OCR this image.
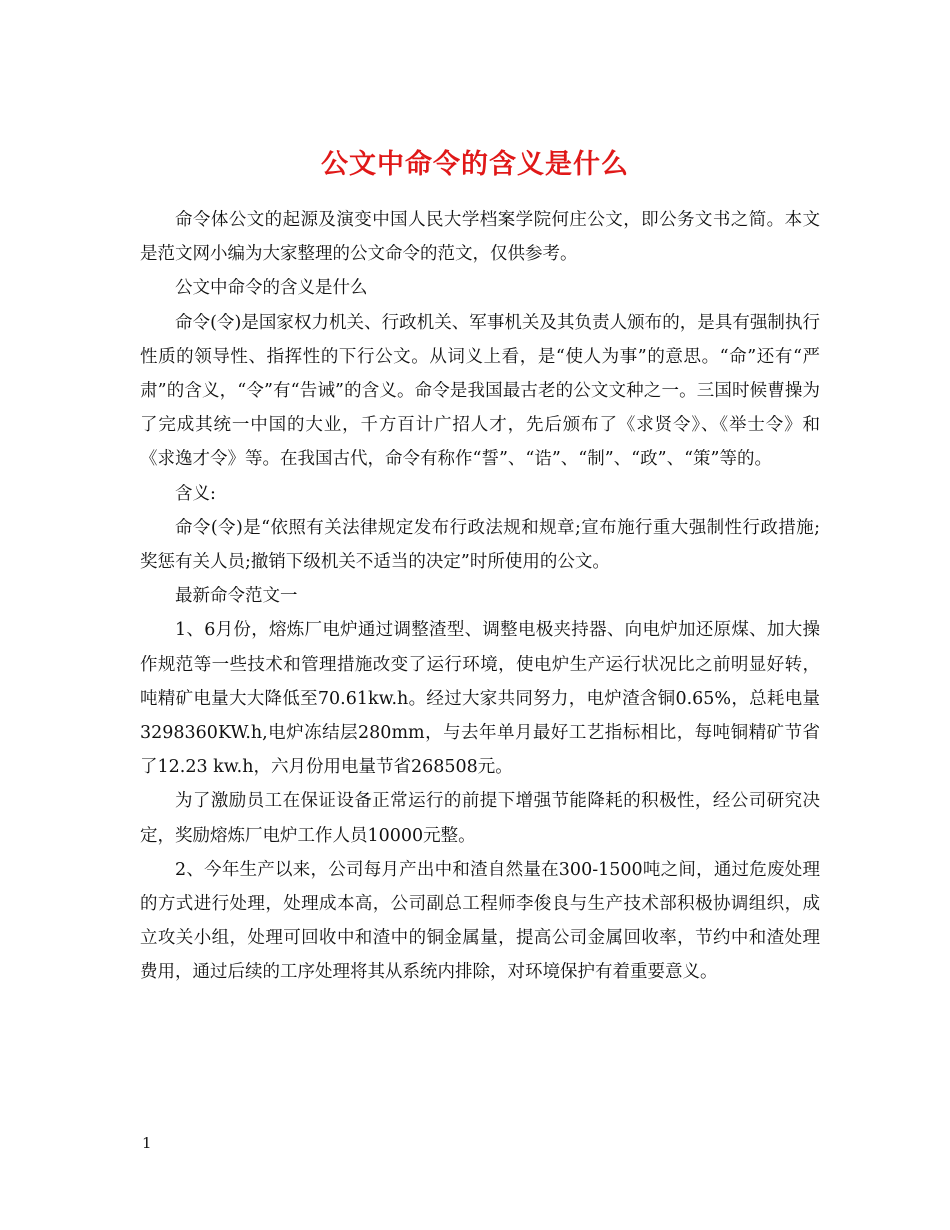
公文中命令的含义是什么

命令体公文的起源及演变中国人民大学档案学院何庄公文，即公务文书之简。本文是范文网小编为大家整理的公文命令的范文，仅供参考。

公文中命令的含义是什么

命令(令)是国家权力机关、行政机关、军事机关及其负责人颁布的，是具有强制执行性质的领导性、指挥性的下行公文。从词义上看，是“使人为事”的意思。“命”还有“严肃”的含义，“令”有“告诫”的含义。命令是我国最古老的公文文种之一。三国时候曹操为了完成其统一中国的大业，千方百计广招人才，先后颁布了《求贤令》、《举士令》和《求逸才令》等。在我国古代，命令有称作“誓”、“诰”、“制”、“政”、“策”等的。

含义:

命令(令)是“依照有关法律规定发布行政法规和规章;宣布施行重大强制性行政措施;奖惩有关人员;撤销下级机关不适当的决定”时所使用的公文。

最新命令范文一

1、6月份，熔炼厂电炉通过调整渣型、调整电极夹持器、向电炉加还原煤、加大操作规范等一些技术和管理措施改变了运行环境，使电炉生产运行状况比之前明显好转，吨精矿电量大大降低至70.61kw.h。经过大家共同努力，电炉渣含铜0.65%，总耗电量3298360KW.h,电炉冻结层280mm，与去年单月最好工艺指标相比，每吨铜精矿节省了12.23 kw.h，六月份用电量节省268508元。

为了激励员工在保证设备正常运行的前提下增强节能降耗的积极性，经公司研究决定，奖励熔炼厂电炉工作人员10000元整。

2、今年生产以来，公司每月产出中和渣自然量在300-1500吨之间，通过危废处理的方式进行处理，处理成本高，公司副总工程师李俊良与生产技术部积极协调组织，成立攻关小组，处理可回收中和渣中的铜金属量，提高公司金属回收率，节约中和渣处理费用，通过后续的工序处理将其从系统内排除，对环境保护有着重要意义。

1
